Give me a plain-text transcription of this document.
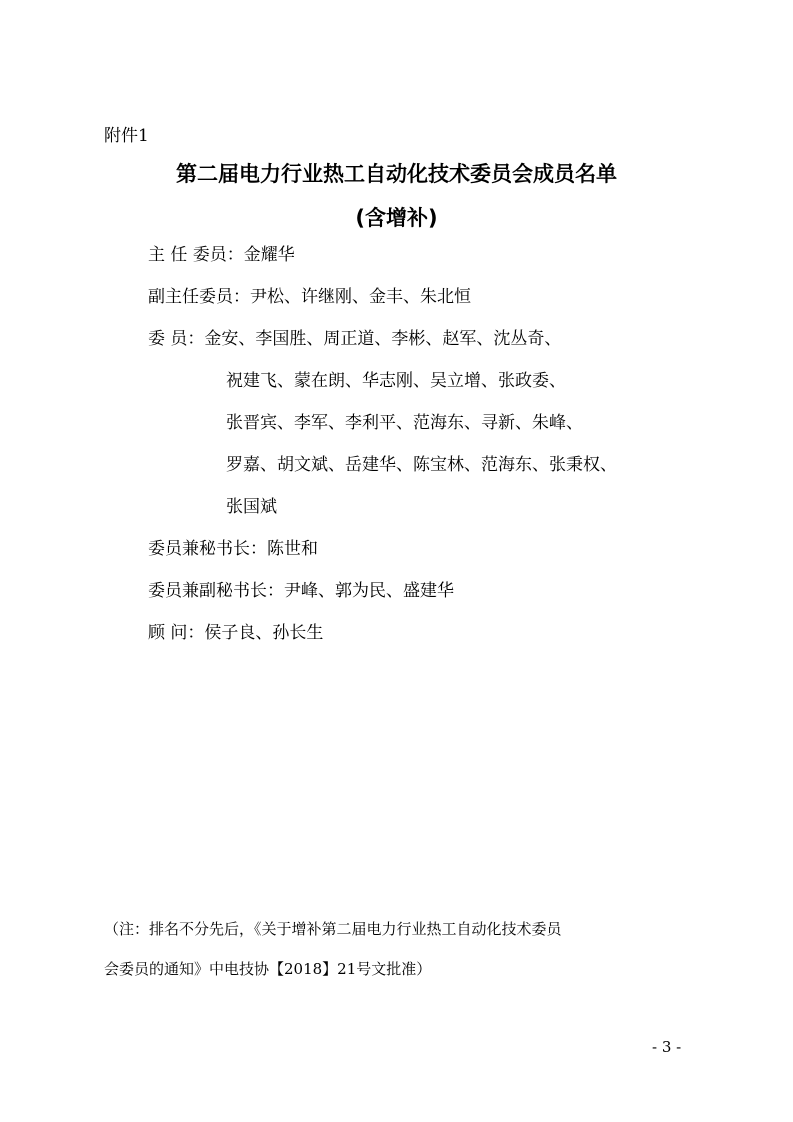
附件1
第二届电力行业热工自动化技术委员会成员名单
(含增补)
主 任 委员：金耀华
副主任委员：尹松、许继刚、金丰、朱北恒
委 员：金安、李国胜、周正道、李彬、赵军、沈丛奇、
祝建飞、蒙在朗、华志刚、吴立增、张政委、
张晋宾、李军、李利平、范海东、寻新、朱峰、
罗嘉、胡文斌、岳建华、陈宝林、范海东、张秉权、
张国斌
委员兼秘书长：陈世和
委员兼副秘书长：尹峰、郭为民、盛建华
顾 问：侯子良、孙长生
（注：排名不分先后，《关于增补第二届电力行业热工自动化技术委员
会委员的通知》中电技协【2018】21号文批准）
- 3 -
